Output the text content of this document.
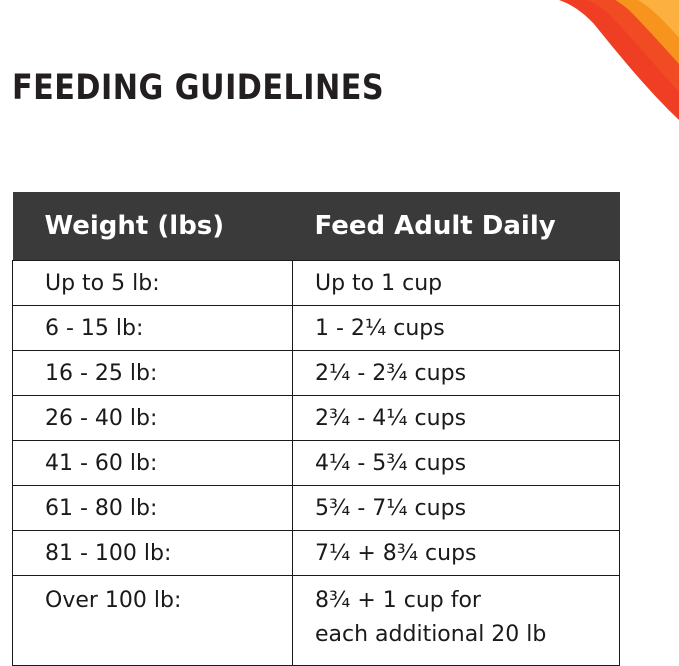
FEEDING GUIDELINES
Weight (lbs)	Feed Adult Daily
Up to 5 lb:	Up to 1 cup
6 - 15 lb:	1 - 2¼ cups
16 - 25 lb:	2¼ - 2¾ cups
26 - 40 lb:	2¾ - 4¼ cups
41 - 60 lb:	4¼ - 5¾ cups
61 - 80 lb:	5¾ - 7¼ cups
81 - 100 lb:	7¼ + 8¾ cups
Over 100 lb:	8¾ + 1 cup for
each additional 20 lb
